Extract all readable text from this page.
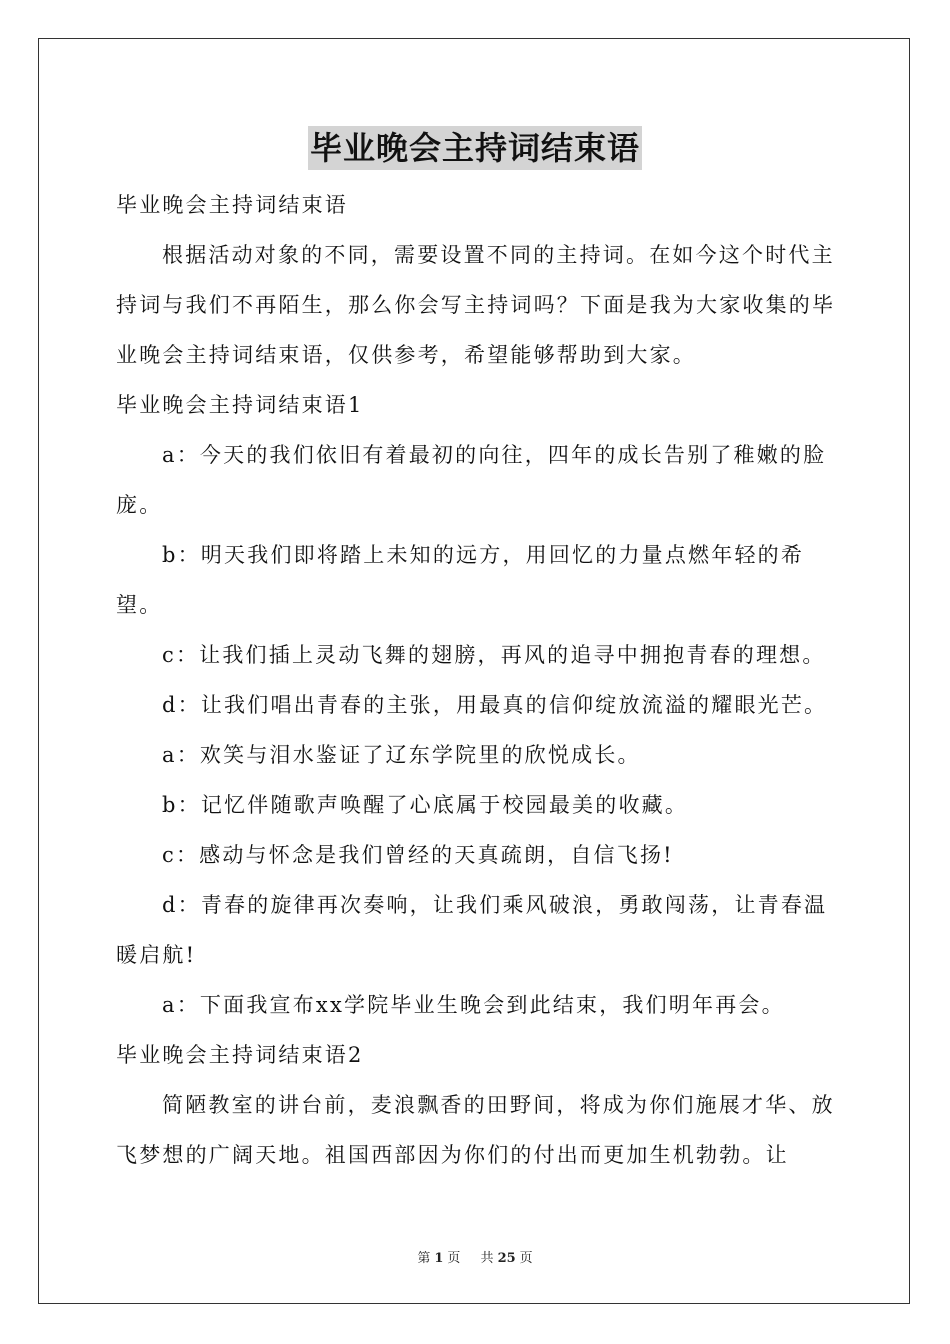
毕业晚会主持词结束语

毕业晚会主持词结束语

根据活动对象的不同，需要设置不同的主持词。在如今这个时代主持词与我们不再陌生，那么你会写主持词吗？下面是我为大家收集的毕业晚会主持词结束语，仅供参考，希望能够帮助到大家。

毕业晚会主持词结束语1

a：今天的我们依旧有着最初的向往，四年的成长告别了稚嫩的脸庞。

b：明天我们即将踏上未知的远方，用回忆的力量点燃年轻的希望。

c：让我们插上灵动飞舞的翅膀，再风的追寻中拥抱青春的理想。

d：让我们唱出青春的主张，用最真的信仰绽放流溢的耀眼光芒。

a：欢笑与泪水鉴证了辽东学院里的欣悦成长。

b：记忆伴随歌声唤醒了心底属于校园最美的收藏。

c：感动与怀念是我们曾经的天真疏朗，自信飞扬!

d：青春的旋律再次奏响，让我们乘风破浪，勇敢闯荡，让青春温暖启航!

a：下面我宣布xx学院毕业生晚会到此结束，我们明年再会。

毕业晚会主持词结束语2

简陋教室的讲台前，麦浪飘香的田野间，将成为你们施展才华、放飞梦想的广阔天地。祖国西部因为你们的付出而更加生机勃勃。让

第 1 页 共 25 页
